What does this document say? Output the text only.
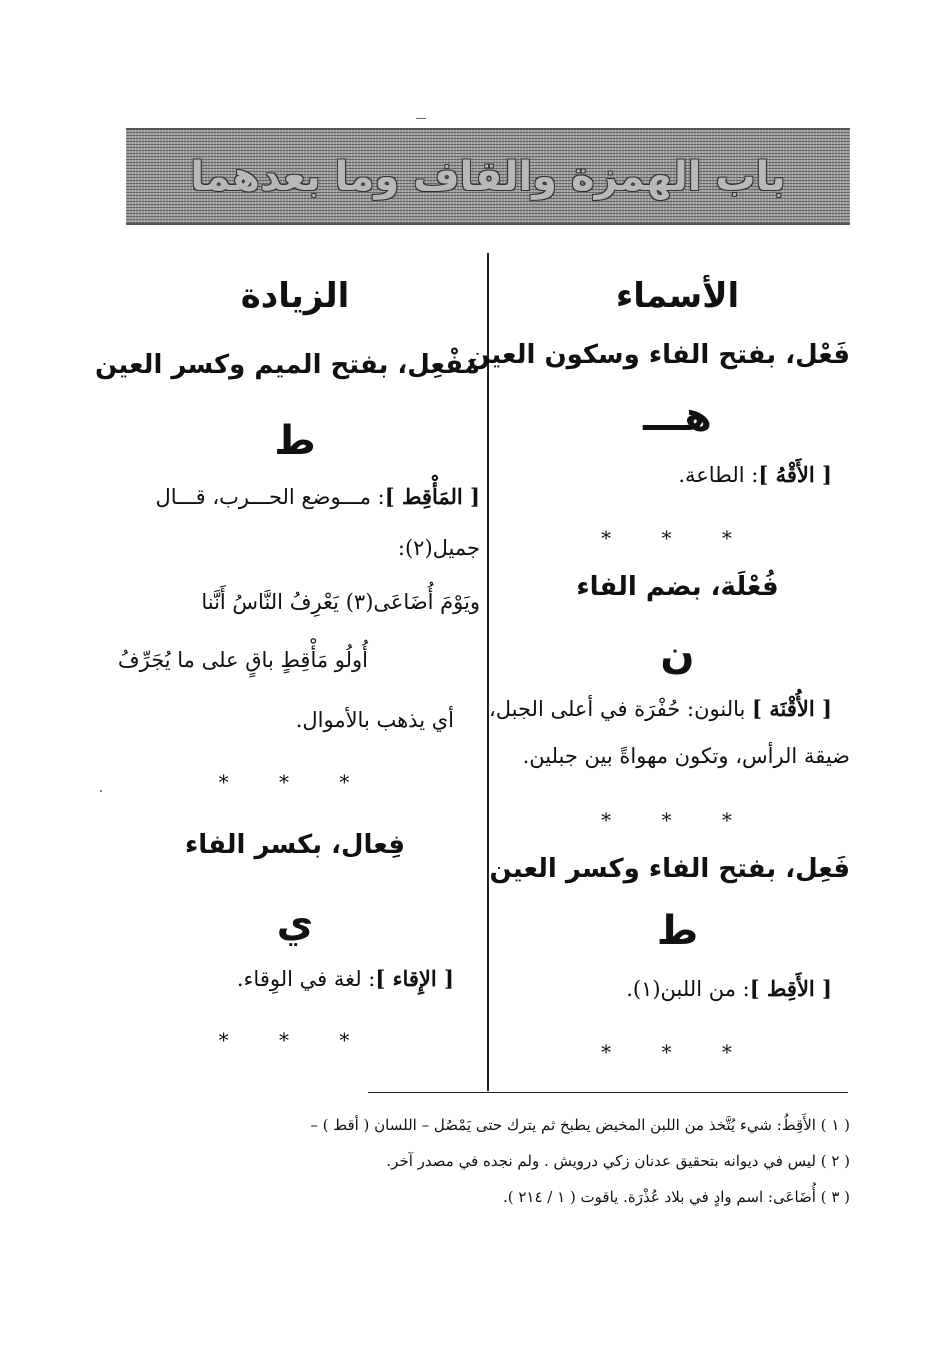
باب الهمزة والقاف وما بعدهما
الأسماء
فَعْل، بفتح الفاء وسكون العين
هـــ
[ الأَقْهُ ]: الطاعة.
* * *
فُعْلَة، بضم الفاء
ن
[ الأُقْنَة ] بالنون: حُفْرَة في أعلى الجبل،
ضيقة الرأس، وتكون مهواةً بين جبلين.
* * *
فَعِل، بفتح الفاء وكسر العين
ط
[ الأَقِط ]: من اللبن(١).
* * *
الزيادة
مَفْعِل، بفتح الميم وكسر العين
ط
[ المَأْقِط ]: مـــوضع الحـــرب، قـــال
جميل(٢):
ويَوْمَ أُضَاعَى(٣) يَعْرِفُ النَّاسُ أَنَّنا
أُولُو مَأْقِطٍ باقٍ على ما يُجَرِّفُ
أي يذهب بالأموال.
* * *
فِعال، بكسر الفاء
ي
[ الإِقاء ]: لغة في الوِقاء.
* * *
( ١ ) الأَقِطُ: شيء يُتَّخذ من اللبن المخيض يطبخ ثم يترك حتى يَمْصُل – اللسان ( أقط ) –
( ٢ ) ليس في ديوانه بتحقيق عدنان زكي درويش . ولم نجده في مصدر آخر.
( ٣ ) أُضَاعَى: اسم وادٍ في بلاد عُذْرَة. ياقوت ( ١ / ٢١٤ ).
